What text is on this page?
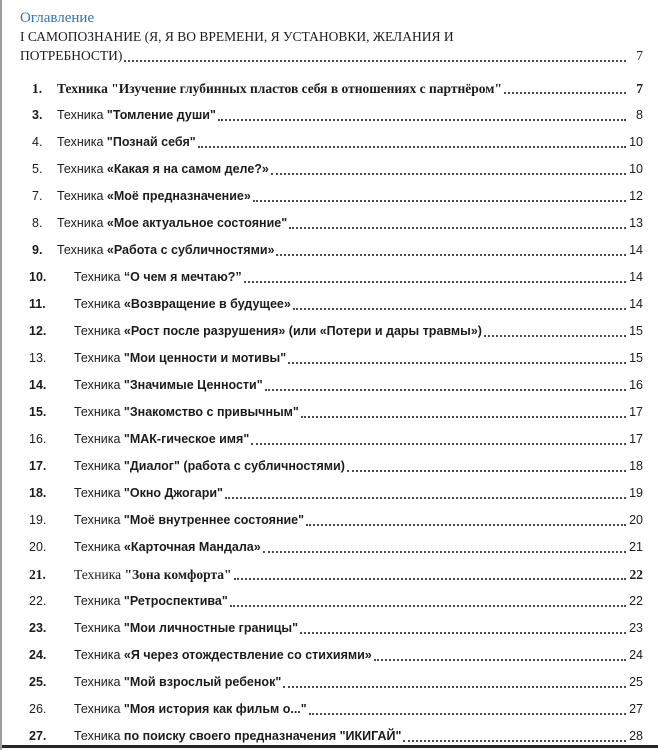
Оглавление
I САМОПОЗНАНИЕ (Я, Я ВО ВРЕМЕНИ, Я УСТАНОВКИ, ЖЕЛАНИЯ И
ПОТРЕБНОСТИ)	7
1.	Техника "Изучение глубинных пластов себя в отношениях с партнёром"	7
3.	Техника "Томление души"	8
4.	Техника "Познай себя"	10
5.	Техника «Какая я на самом деле?»	10
7.	Техника «Моё предназначение»	12
8.	Техника «Мое актуальное состояние"	13
9.	Техника «Работа с субличностями»	14
10.	Техника “О чем я мечтаю?”	14
11.	Техника «Возвращение в будущее»	14
12.	Техника «Рост после разрушения» (или «Потери и дары травмы»)	15
13.	Техника "Мои ценности и мотивы"	15
14.	Техника "Значимые Ценности"	16
15.	Техника "Знакомство с привычным"	17
16.	Техника "МАК-гическое имя"	17
17.	Техника "Диалог" (работа с субличностями)	18
18.	Техника "Окно Джогари"	19
19.	Техника "Моё внутреннее состояние"	20
20.	Техника «Карточная Мандала»	21
21.	Техника "Зона комфорта"	22
22.	Техника "Ретроспектива"	22
23.	Техника "Мои личностные границы"	23
24.	Техника «Я через отождествление со стихиями»	24
25.	Техника "Мой взрослый ребенок"	25
26.	Техника "Моя история как фильм о..."	27
27.	Техника по поиску своего предназначения "ИКИГАЙ"	28
